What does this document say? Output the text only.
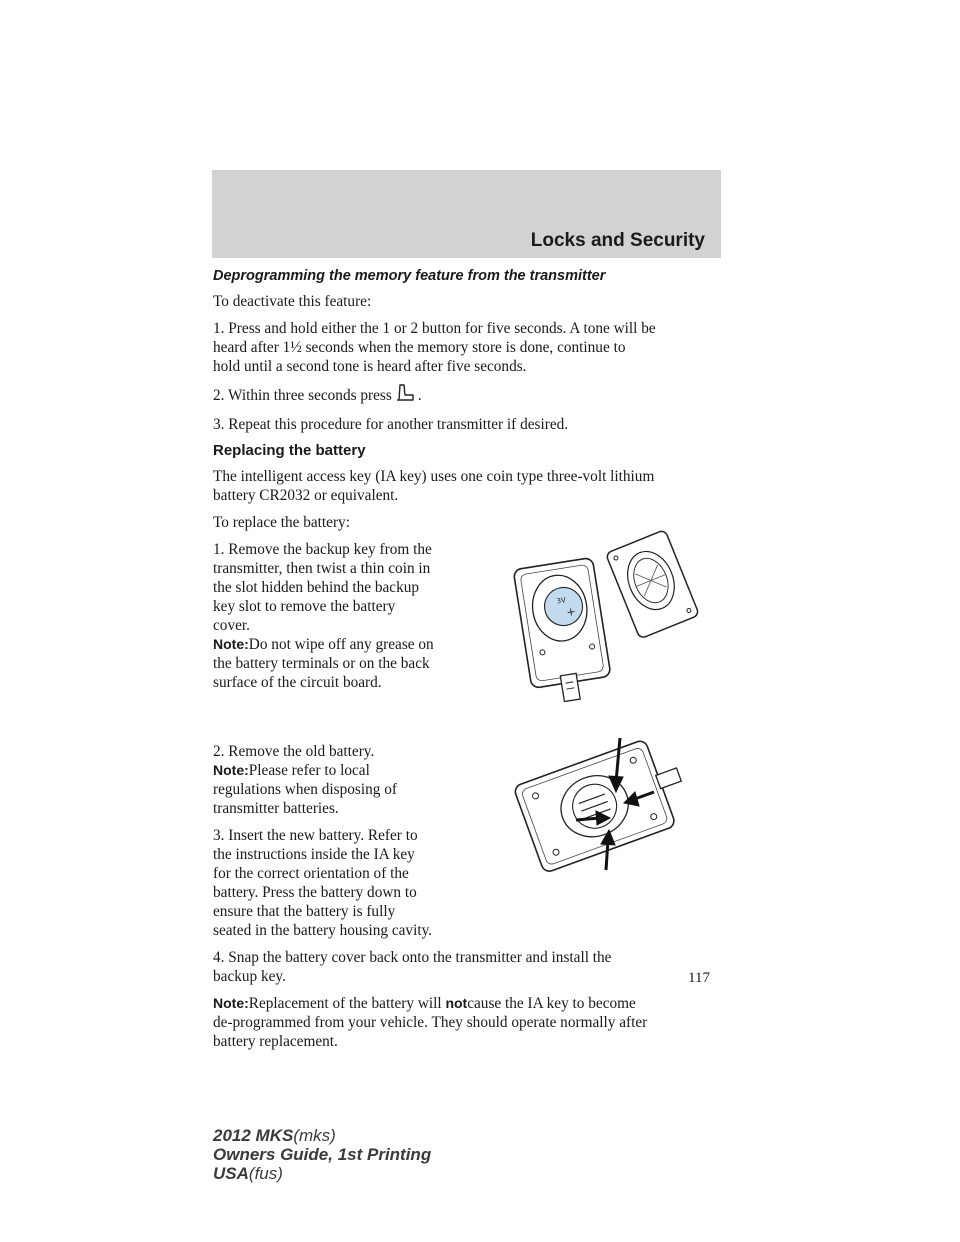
Locks and Security
Deprogramming the memory feature from the transmitter

To deactivate this feature:

1. Press and hold either the 1 or 2 button for five seconds. A tone will be
heard after 1½ seconds when the memory store is done, continue to
hold until a second tone is heard after five seconds.

2. Within three seconds press .

3. Repeat this procedure for another transmitter if desired.

Replacing the battery

The intelligent access key (IA key) uses one coin type three-volt lithium
battery CR2032 or equivalent.

To replace the battery:

1. Remove the backup key from the
transmitter, then twist a thin coin in
the slot hidden behind the backup
key slot to remove the battery
cover.

Note:Do not wipe off any grease on
the battery terminals or on the back
surface of the circuit board.

3V
+

2. Remove the old battery.

Note:Please refer to local
regulations when disposing of
transmitter batteries.

3. Insert the new battery. Refer to
the instructions inside the IA key
for the correct orientation of the
battery. Press the battery down to
ensure that the battery is fully
seated in the battery housing cavity.

4. Snap the battery cover back onto the transmitter and install the
backup key.

Note:Replacement of the battery will notcause the IA key to become
de-programmed from your vehicle. They should operate normally after
battery replacement.

117
2012 MKS(mks)
Owners Guide, 1st Printing
USA(fus)
